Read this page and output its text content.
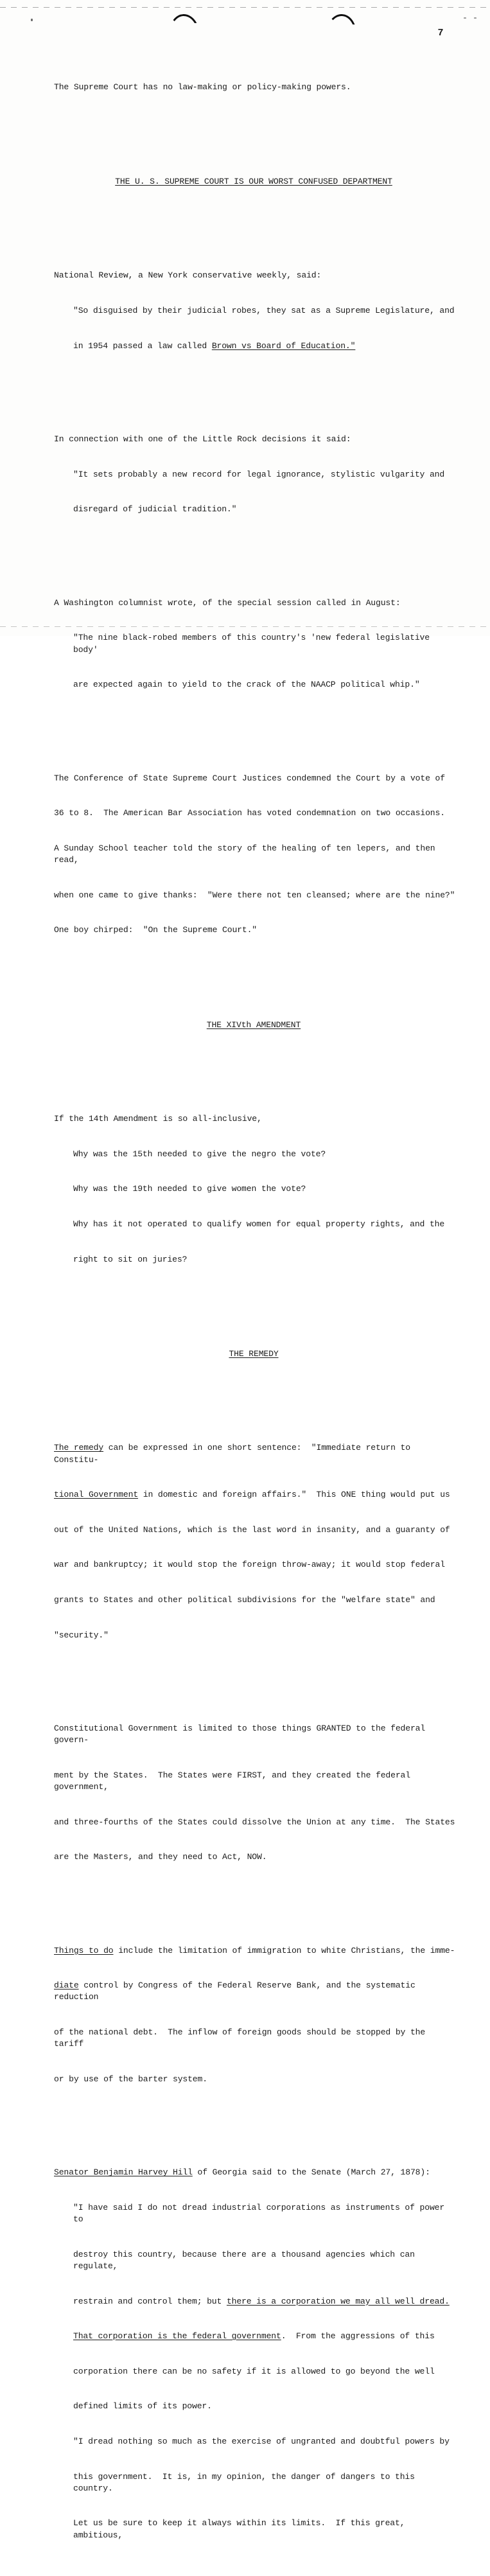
7

The Supreme Court has no law-making or policy-making powers.

THE U. S. SUPREME COURT IS OUR WORST CONFUSED DEPARTMENT

National Review, a New York conservative weekly, said:

"So disguised by their judicial robes, they sat as a Supreme Legislature, and

in 1954 passed a law called Brown vs Board of Education."

In connection with one of the Little Rock decisions it said:

"It sets probably a new record for legal ignorance, stylistic vulgarity and

disregard of judicial tradition."

A Washington columnist wrote, of the special session called in August:

"The nine black-robed members of this country's 'new federal legislative body'

are expected again to yield to the crack of the NAACP political whip."

The Conference of State Supreme Court Justices condemned the Court by a vote of

36 to 8.  The American Bar Association has voted condemnation on two occasions.

A Sunday School teacher told the story of the healing of ten lepers, and then read,

when one came to give thanks:  "Were there not ten cleansed; where are the nine?"

One boy chirped:  "On the Supreme Court."

THE XIVth AMENDMENT

If the 14th Amendment is so all-inclusive,

Why was the 15th needed to give the negro the vote?

Why was the 19th needed to give women the vote?

Why has it not operated to qualify women for equal property rights, and the

right to sit on juries?

THE REMEDY

The remedy can be expressed in one short sentence:  "Immediate return to Constitu-

tional Government in domestic and foreign affairs."  This ONE thing would put us

out of the United Nations, which is the last word in insanity, and a guaranty of

war and bankruptcy; it would stop the foreign throw-away; it would stop federal

grants to States and other political subdivisions for the "welfare state" and

"security."

Constitutional Government is limited to those things GRANTED to the federal govern-

ment by the States.  The States were FIRST, and they created the federal government,

and three-fourths of the States could dissolve the Union at any time.  The States

are the Masters, and they need to Act, NOW.

Things to do include the limitation of immigration to white Christians, the imme-

diate control by Congress of the Federal Reserve Bank, and the systematic reduction

of the national debt.  The inflow of foreign goods should be stopped by the tariff

or by use of the barter system.

Senator Benjamin Harvey Hill of Georgia said to the Senate (March 27, 1878):

"I have said I do not dread industrial corporations as instruments of power to

destroy this country, because there are a thousand agencies which can regulate,

restrain and control them; but there is a corporation we may all well dread.

That corporation is the federal government.  From the aggressions of this

corporation there can be no safety if it is allowed to go beyond the well

defined limits of its power.

"I dread nothing so much as the exercise of ungranted and doubtful powers by

this government.  It is, in my opinion, the danger of dangers to this country.

Let us be sure to keep it always within its limits.  If this great, ambitious,
